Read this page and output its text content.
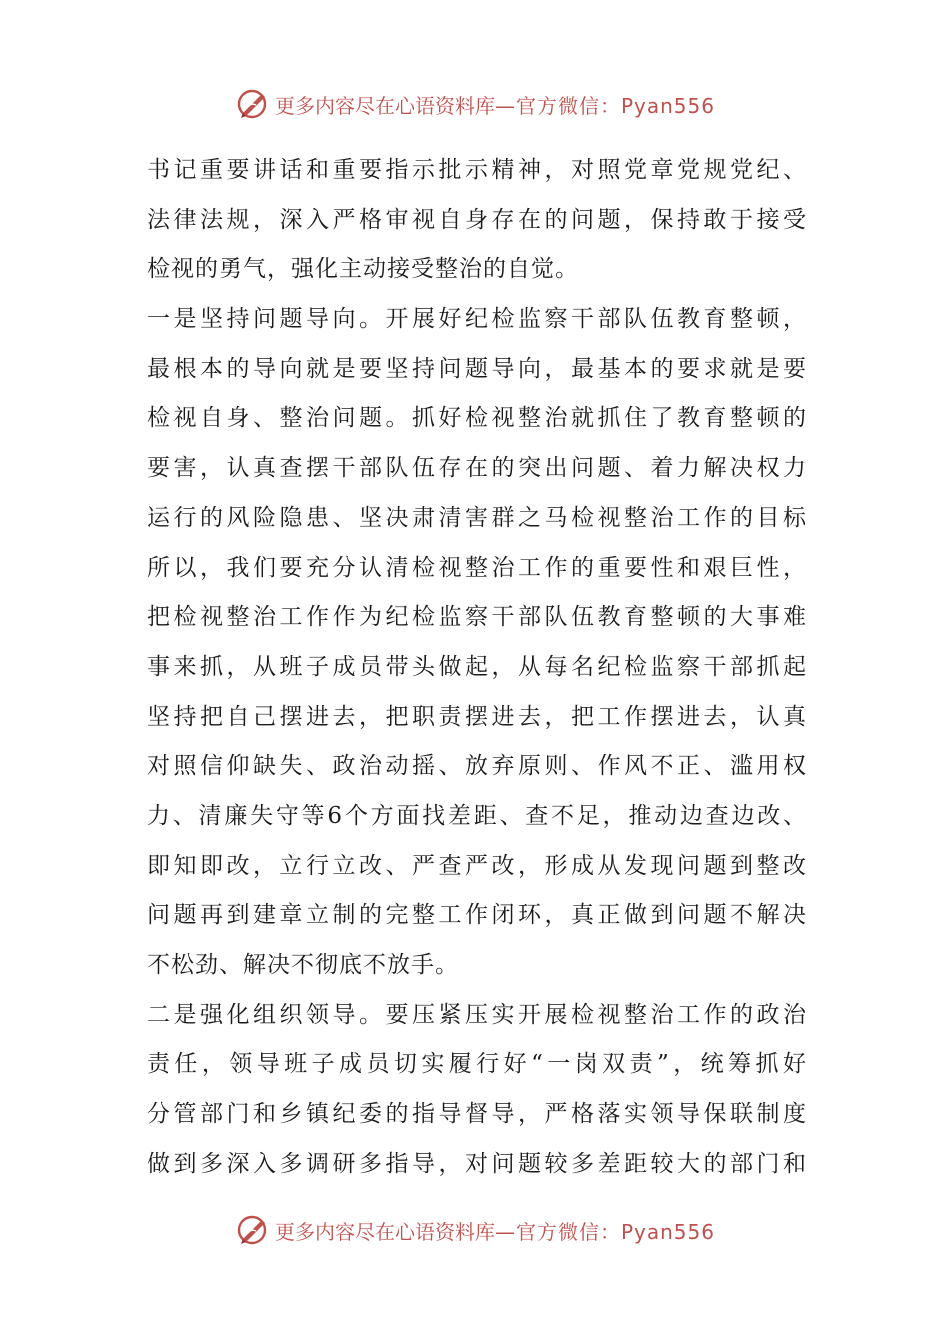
更多内容尽在心语资料库 —官方微信：Pyan556
书记重要讲话和重要指示批示精神，对照党章党规党纪、
法律法规，深入严格审视自身存在的问题，保持敢于接受
检视的勇气，强化主动接受整治的自觉。
一是坚持问题导向。开展好纪检监察干部队伍教育整顿，
最根本的导向就是要坚持问题导向，最基本的要求就是要
检视自身、整治问题。抓好检视整治就抓住了教育整顿的
要害，认真查摆干部队伍存在的突出问题、着力解决权力
运行的风险隐患、坚决肃清害群之马检视整治工作的目标
所以，我们要充分认清检视整治工作的重要性和艰巨性，
把检视整治工作作为纪检监察干部队伍教育整顿的大事难
事来抓，从班子成员带头做起，从每名纪检监察干部抓起
坚持把自己摆进去，把职责摆进去，把工作摆进去，认真
对照信仰缺失、政治动摇、放弃原则、作风不正、滥用权
力、清廉失守等6个方面找差距、查不足，推动边查边改、
即知即改，立行立改、严查严改，形成从发现问题到整改
问题再到建章立制的完整工作闭环，真正做到问题不解决
不松劲、解决不彻底不放手。
二是强化组织领导。要压紧压实开展检视整治工作的政治
责任，领导班子成员切实履行好“一岗双责”，统筹抓好
分管部门和乡镇纪委的指导督导，严格落实领导保联制度
做到多深入多调研多指导，对问题较多差距较大的部门和
更多内容尽在心语资料库 —官方微信：Pyan556
